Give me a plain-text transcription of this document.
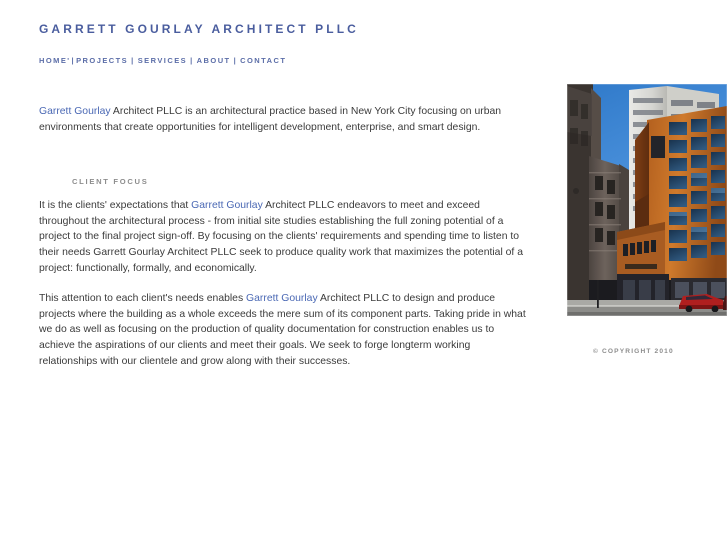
GARRETT GOURLAY ARCHITECT PLLC
HOME' | PROJECTS | SERVICES | ABOUT | CONTACT

Garrett Gourlay Architect PLLC is an architectural practice based in New York City focusing on urban environments that create opportunities for intelligent development, enterprise, and smart design.

CLIENT FOCUS

It is the clients' expectations that Garrett Gourlay Architect PLLC endeavors to meet and exceed throughout the architectural process - from initial site studies establishing the full zoning potential of a project to the final project sign-off. By focusing on the clients' requirements and spending time to listen to their needs Garrett Gourlay Architect PLLC seek to produce quality work that maximizes the potential of a project: functionally, formally, and economically.

This attention to each client's needs enables Garrett Gourlay Architect PLLC to design and produce projects where the building as a whole exceeds the mere sum of its component parts. Taking pride in what we do as well as focusing on the production of quality documentation for construction enables us to achieve the aspirations of our clients and meet their goals. We seek to forge longterm working relationships with our clientele and grow along with their successes.

© COPYRIGHT 2010
